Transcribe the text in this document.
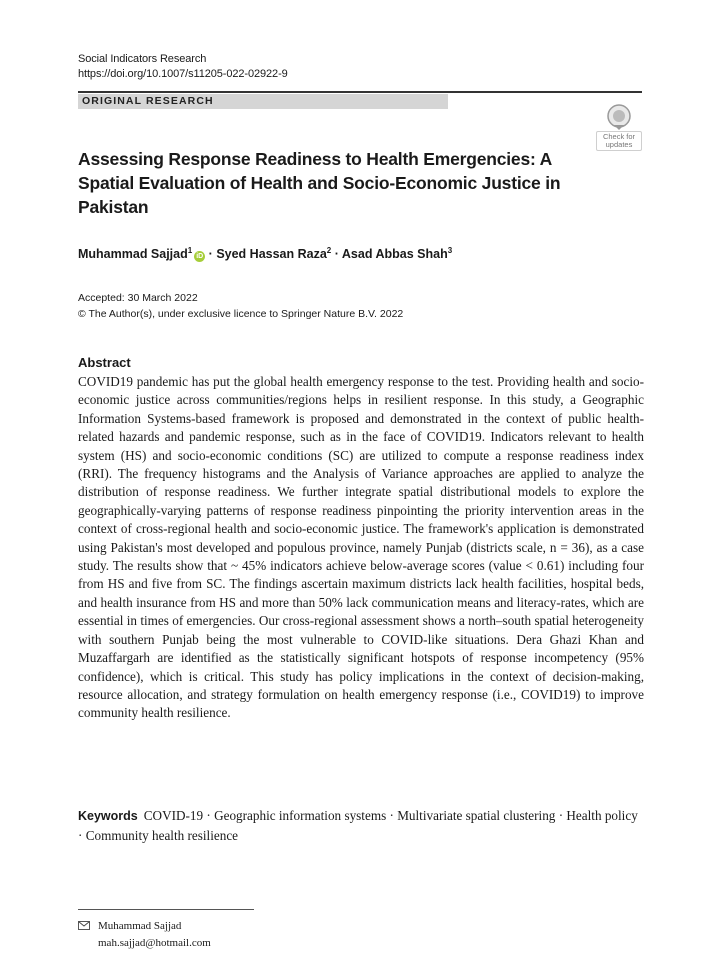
Social Indicators Research
https://doi.org/10.1007/s11205-022-02922-9
ORIGINAL RESEARCH
Check for
updates
Assessing Response Readiness to Health Emergencies: A Spatial Evaluation of Health and Socio-Economic Justice in Pakistan
Muhammad Sajjad$^1$iD · Syed Hassan Raza$^2$ · Asad Abbas Shah$^3$
Accepted: 30 March 2022
© The Author(s), under exclusive licence to Springer Nature B.V. 2022
Abstract

COVID19 pandemic has put the global health emergency response to the test. Providing health and socio-economic justice across communities/regions helps in resilient response. In this study, a Geographic Information Systems-based framework is proposed and demonstrated in the context of public health-related hazards and pandemic response, such as in the face of COVID19. Indicators relevant to health system (HS) and socio-economic conditions (SC) are utilized to compute a response readiness index (RRI). The frequency histograms and the Analysis of Variance approaches are applied to analyze the distribution of response readiness. We further integrate spatial distributional models to explore the geographically-varying patterns of response readiness pinpointing the priority intervention areas in the context of cross-regional health and socio-economic justice. The framework's application is demonstrated using Pakistan's most developed and populous province, namely Punjab (districts scale, n = 36), as a case study. The results show that ~ 45% indicators achieve below-average scores (value < 0.61) including four from HS and five from SC. The findings ascertain maximum districts lack health facilities, hospital beds, and health insurance from HS and more than 50% lack communication means and literacy-rates, which are essential in times of emergencies. Our cross-regional assessment shows a north–south spatial heterogeneity with southern Punjab being the most vulnerable to COVID-like situations. Dera Ghazi Khan and Muzaffargarh are identified as the statistically significant hotspots of response incompetency (95% confidence), which is critical. This study has policy implications in the context of decision-making, resource allocation, and strategy formulation on health emergency response (i.e., COVID19) to improve community health resilience.

Keywords COVID-19 · Geographic information systems · Multivariate spatial clustering · Health policy · Community health resilience
Muhammad Sajjad
mah.sajjad@hotmail.com
